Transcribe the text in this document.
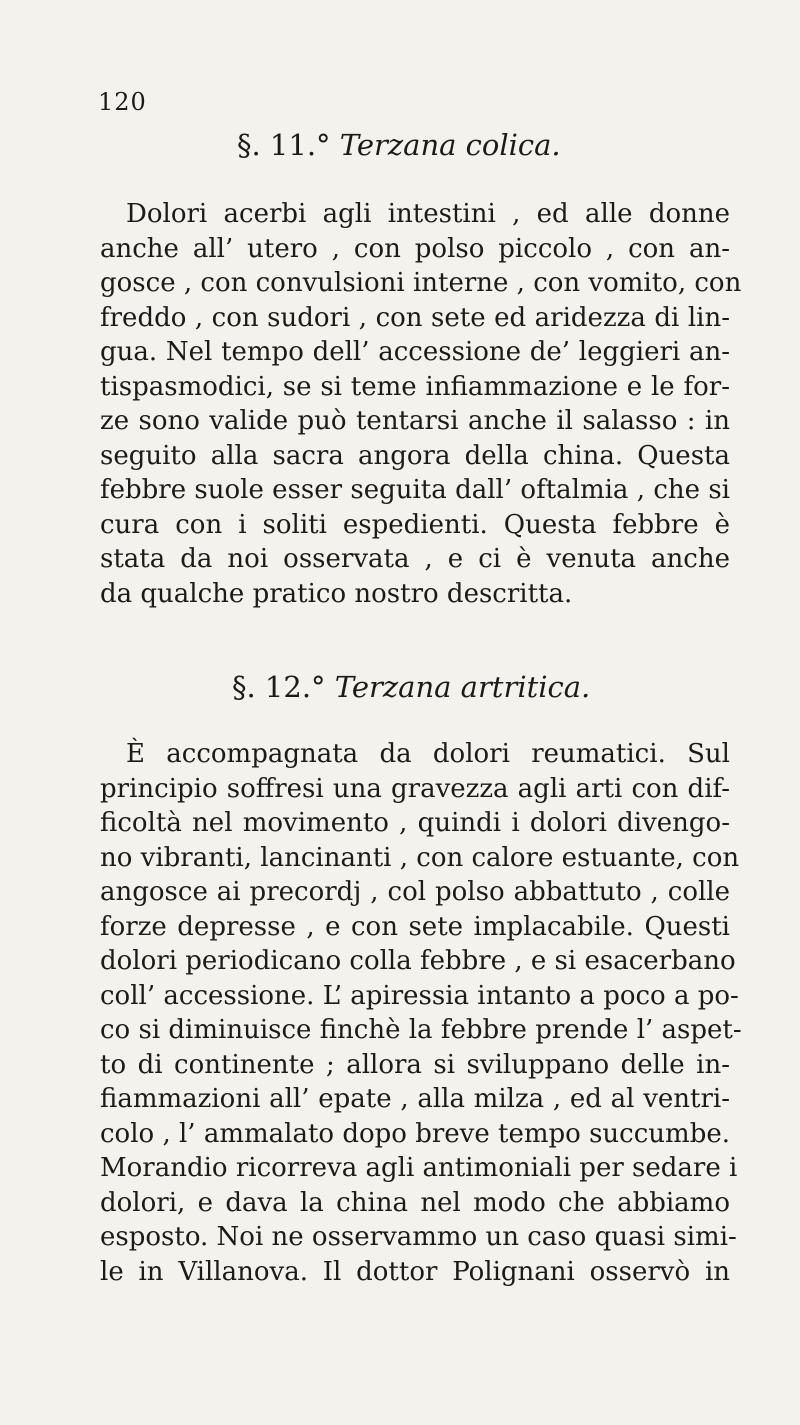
120
§. 11.° Terzana colica.
Dolori acerbi agli intestini , ed alle donne
anche all’ utero , con polso piccolo , con an-
gosce , con convulsioni interne , con vomito, con
freddo , con sudori , con sete ed aridezza di lin-
gua. Nel tempo dell’ accessione de’ leggieri an-
tispasmodici, se si teme infiammazione e le for-
ze sono valide può tentarsi anche il salasso : in
seguito alla sacra angora della china. Questa
febbre suole esser seguita dall’ oftalmia , che si
cura con i soliti espedienti. Questa febbre è
stata da noi osservata , e ci è venuta anche
da qualche pratico nostro descritta.
§. 12.° Terzana artritica.
È accompagnata da dolori reumatici. Sul
principio soffresi una gravezza agli arti con dif-
ficoltà nel movimento , quindi i dolori divengo-
no vibranti, lancinanti , con calore estuante, con
angosce ai precordj , col polso abbattuto , colle
forze depresse , e con sete implacabile. Questi
dolori periodicano colla febbre , e si esacerbano
coll’ accessione. L’ apiressia intanto a poco a po-
co si diminuisce finchè la febbre prende l’ aspet-
to di continente ; allora si sviluppano delle in-
fiammazioni all’ epate , alla milza , ed al ventri-
colo , l’ ammalato dopo breve tempo succumbe.
Morandio ricorreva agli antimoniali per sedare i
dolori, e dava la china nel modo che abbiamo
esposto. Noi ne osservammo un caso quasi simi-
le in Villanova. Il dottor Polignani osservò in
